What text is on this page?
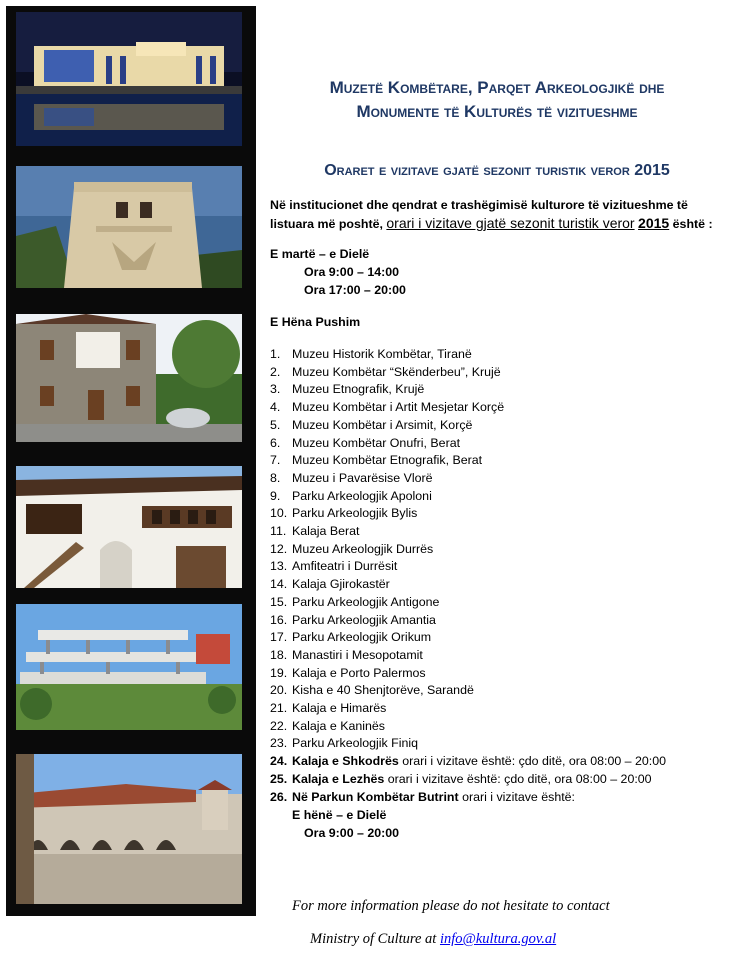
Muzetë Kombëtare, Parqet Arkeologjikë dhe
Monumente të Kulturës të vizitueshme
Oraret e vizitave gjatë sezonit turistik veror 2015
Në institucionet dhe qendrat e trashëgimisë kulturore të vizitueshme të listuara më poshtë, orari i vizitave gjatë sezonit turistik veror 2015 është :
E martë – e Dielë
Ora 9:00 – 14:00
Ora 17:00 – 20:00
E Hëna Pushim
1. Muzeu Historik Kombëtar, Tiranë
2. Muzeu Kombëtar “Skënderbeu”, Krujë
3. Muzeu Etnografik, Krujë
4. Muzeu Kombëtar i Artit Mesjetar Korçë
5. Muzeu Kombëtar i Arsimit, Korçë
6. Muzeu Kombëtar Onufri, Berat
7. Muzeu Kombëtar Etnografik, Berat
8. Muzeu i Pavarësise Vlorë
9. Parku Arkeologjik Apoloni
10. Parku Arkeologjik Bylis
11. Kalaja Berat
12. Muzeu Arkeologjik Durrës
13. Amfiteatri i Durrësit
14. Kalaja Gjirokastër
15. Parku Arkeologjik Antigone
16. Parku Arkeologjik Amantia
17. Parku Arkeologjik Orikum
18. Manastiri i Mesopotamit
19. Kalaja e Porto Palermos
20. Kisha e 40 Shenjtorëve, Sarandë
21. Kalaja e Himarës
22. Kalaja e Kaninës
23. Parku Arkeologjik Finiq
24. Kalaja e Shkodrës orari i vizitave është: çdo ditë, ora 08:00 – 20:00
25. Kalaja e Lezhës orari i vizitave është: çdo ditë, ora 08:00 – 20:00
26. Në Parkun Kombëtar Butrint orari i vizitave është:
E hënë – e Dielë
Ora 9:00 – 20:00
For more information please do not hesitate to contact
Ministry of Culture at info@kultura.gov.al
